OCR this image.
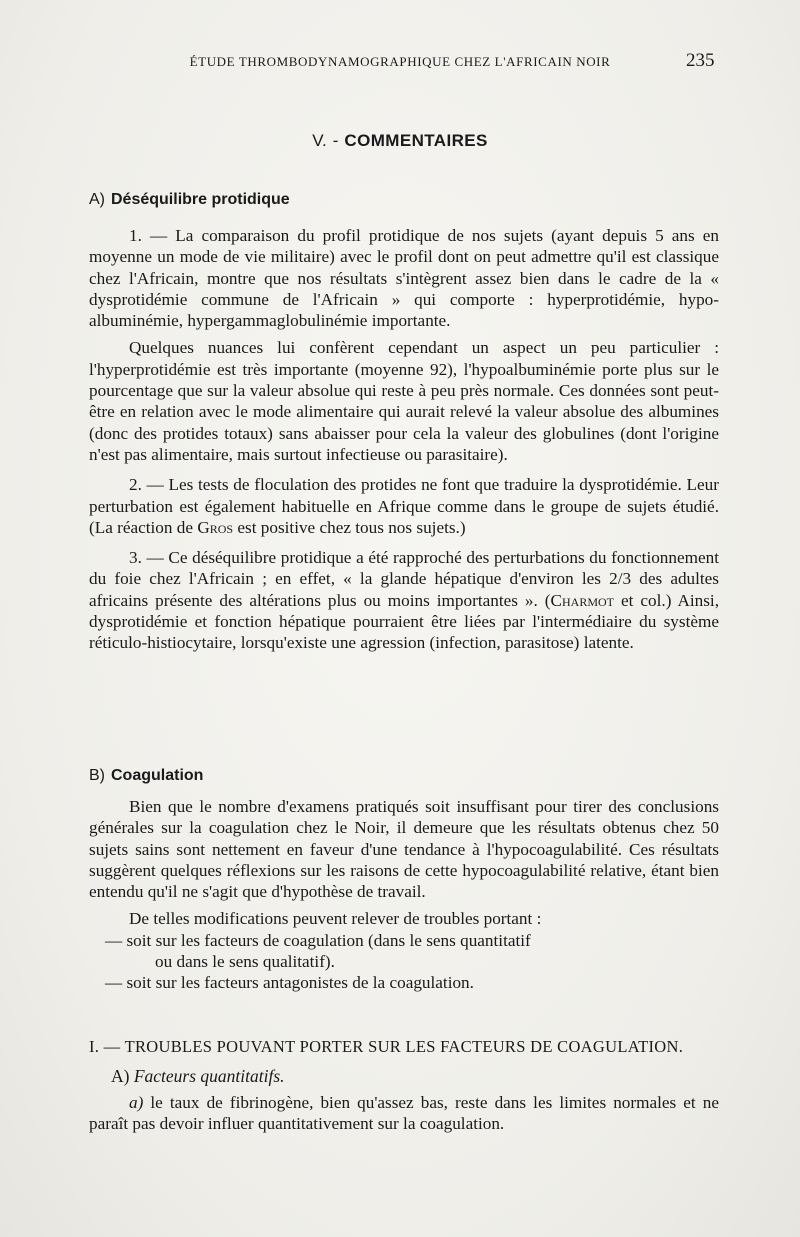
ÉTUDE THROMBODYNAMOGRAPHIQUE CHEZ L'AFRICAIN NOIR	235
V. - COMMENTAIRES
A) Déséquilibre protidique

1. — La comparaison du profil protidique de nos sujets (ayant depuis 5 ans en moyenne un mode de vie militaire) avec le profil dont on peut admettre qu'il est classique chez l'Africain, montre que nos résultats s'intègrent assez bien dans le cadre de la « dysprotidémie commune de l'Africain » qui comporte : hyperprotidémie, hypo-albuminémie, hypergammaglobulinémie importante.

Quelques nuances lui confèrent cependant un aspect un peu particulier : l'hyperprotidémie est très importante (moyenne 92), l'hypoalbuminémie porte plus sur le pourcentage que sur la valeur absolue qui reste à peu près normale. Ces données sont peut-être en relation avec le mode alimentaire qui aurait relevé la valeur absolue des albumines (donc des protides totaux) sans abaisser pour cela la valeur des globulines (dont l'origine n'est pas alimentaire, mais surtout infectieuse ou parasitaire).

2. — Les tests de floculation des protides ne font que traduire la dysprotidémie. Leur perturbation est également habituelle en Afrique comme dans le groupe de sujets étudié. (La réaction de Gros est positive chez tous nos sujets.)

3. — Ce déséquilibre protidique a été rapproché des perturbations du fonctionnement du foie chez l'Africain ; en effet, « la glande hépatique d'environ les 2/3 des adultes africains présente des altérations plus ou moins importantes ». (Charmot et col.) Ainsi, dysprotidémie et fonction hépatique pourraient être liées par l'intermédiaire du système réticulo-histiocytaire, lorsqu'existe une agression (infection, parasitose) latente.

B) Coagulation

Bien que le nombre d'examens pratiqués soit insuffisant pour tirer des conclusions générales sur la coagulation chez le Noir, il demeure que les résultats obtenus chez 50 sujets sains sont nettement en faveur d'une tendance à l'hypocoagulabilité. Ces résultats suggèrent quelques réflexions sur les raisons de cette hypocoagulabilité relative, étant bien entendu qu'il ne s'agit que d'hypothèse de travail.

De telles modifications peuvent relever de troubles portant :

— soit sur les facteurs de coagulation (dans le sens quantitatif

ou dans le sens qualitatif).

— soit sur les facteurs antagonistes de la coagulation.

I. — TROUBLES POUVANT PORTER SUR LES FACTEURS DE COAGULATION.
A) Facteurs quantitatifs.

a) le taux de fibrinogène, bien qu'assez bas, reste dans les limites normales et ne paraît pas devoir influer quantitativement sur la coagulation.
